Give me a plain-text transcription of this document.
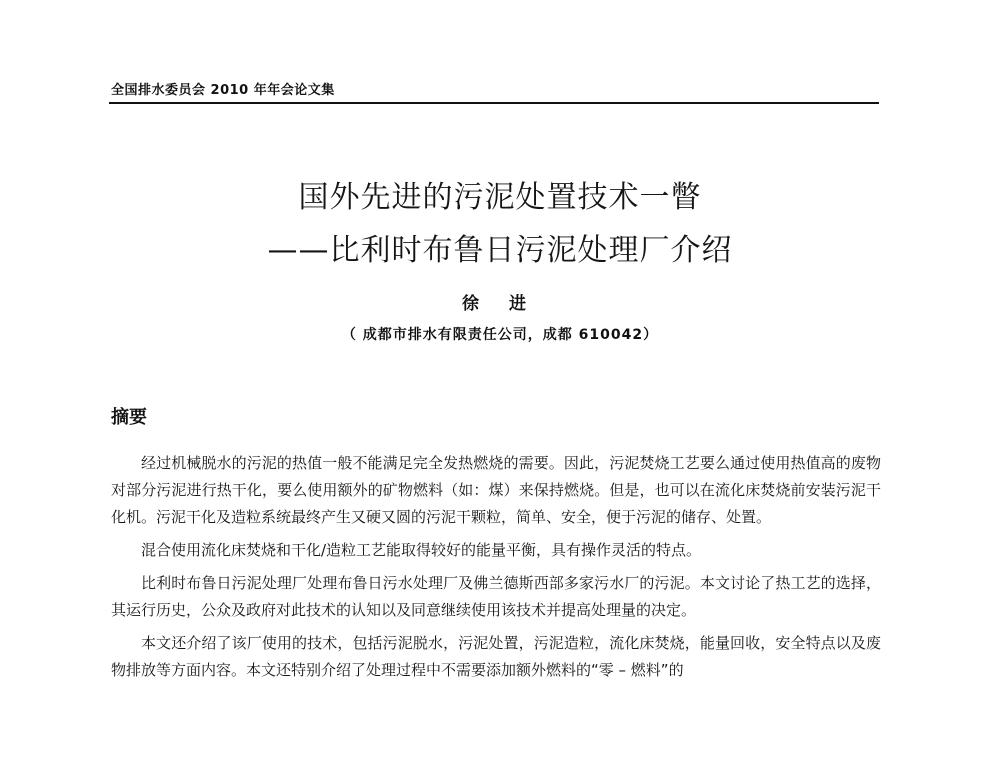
全国排水委员会 2010 年年会论文集
国外先进的污泥处置技术一瞥
——比利时布鲁日污泥处理厂介绍
徐 进
（ 成都市排水有限责任公司，成都 610042）
摘要

经过机械脱水的污泥的热值一般不能满足完全发热燃烧的需要。因此，污泥焚烧工艺要么通过使用热值高的废物对部分污泥进行热干化，要么使用额外的矿物燃料（如：煤）来保持燃烧。但是，也可以在流化床焚烧前安装污泥干化机。污泥干化及造粒系统最终产生又硬又圆的污泥干颗粒，简单、安全，便于污泥的储存、处置。

混合使用流化床焚烧和干化/造粒工艺能取得较好的能量平衡，具有操作灵活的特点。

比利时布鲁日污泥处理厂处理布鲁日污水处理厂及佛兰德斯西部多家污水厂的污泥。本文讨论了热工艺的选择，其运行历史，公众及政府对此技术的认知以及同意继续使用该技术并提高处理量的决定。

本文还介绍了该厂使用的技术，包括污泥脱水，污泥处置，污泥造粒，流化床焚烧，能量回收，安全特点以及废物排放等方面内容。本文还特别介绍了处理过程中不需要添加额外燃料的“零 – 燃料”的
